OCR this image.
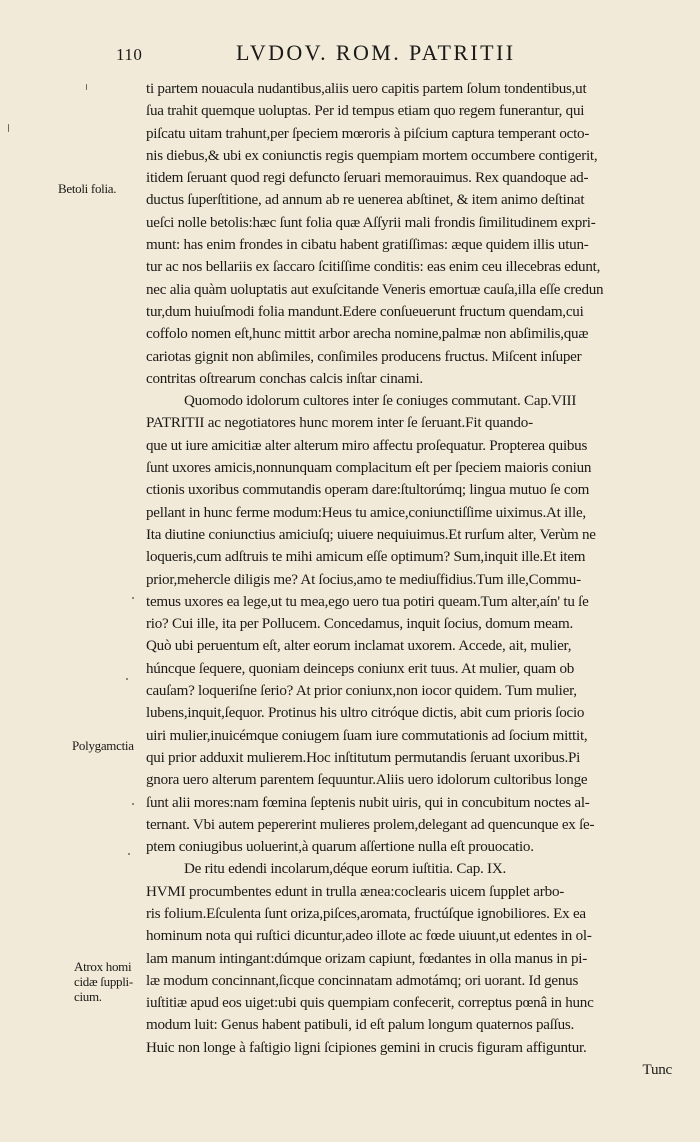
110	LVDOV. ROM. PATRITII
Betoli folia.
Polygamctia
Atrox homi
cidæ ſuppli-
cium.
ti partem nouacula nudantibus,aliis uero capitis partem ſolum tondentibus,ut
ſua trahit quemque uoluptas. Per id tempus etiam quo regem funerantur, qui
piſcatu uitam trahunt,per ſpeciem mœroris à piſcium captura temperant octo-
nis diebus,& ubi ex coniunctis regis quempiam mortem occumbere contigerit,
itidem ſeruant quod regi defuncto ſeruari memorauimus. Rex quandoque ad-
ductus ſuperſtitione, ad annum ab re uenerea abſtinet, & item animo deſtinat
ueſci nolle betolis:hæc ſunt folia quæ Aſſyrii mali frondis ſimilitudinem expri-
munt: has enim frondes in cibatu habent gratiſſimas: æque quidem illis utun-
tur ac nos bellariis ex ſaccaro ſcitiſſime conditis: eas enim ceu illecebras edunt,
nec alia quàm uoluptatis aut exuſcitande Veneris emortuæ cauſa,illa eſſe credun
tur,dum huiuſmodi folia mandunt.Edere conſueuerunt fructum quendam,cui
coffolo nomen eſt,hunc mittit arbor arecha nomine,palmæ non abſimilis,quæ
cariotas gignit non abſimiles, conſimiles producens fructus. Miſcent inſuper
contritas oſtrearum conchas calcis inſtar cinami.
Quomodo idolorum cultores inter ſe coniuges commutant. Cap.VIII
PATRITII ac negotiatores hunc morem inter ſe ſeruant.Fit quando-
que ut iure amicitiæ alter alterum miro affectu proſequatur. Propterea quibus
ſunt uxores amicis,nonnunquam complacitum eſt per ſpeciem maioris coniun
ctionis uxoribus commutandis operam dare:ſtultorúmq; lingua mutuo ſe com
pellant in hunc ferme modum:Heus tu amice,coniunctiſſime uiximus.At ille,
Ita diutine coniunctius amiciuſq; uiuere nequiuimus.Et rurſum alter, Verùm ne
loqueris,cum adſtruis te mihi amicum eſſe optimum? Sum,inquit ille.Et item
prior,mehercle diligis me? At ſocius,amo te mediuſfidius.Tum ille,Commu-
temus uxores ea lege,ut tu mea,ego uero tua potiri queam.Tum alter,aín' tu ſe
rio? Cui ille, ita per Pollucem. Concedamus, inquit ſocius, domum meam.
Quò ubi peruentum eſt, alter eorum inclamat uxorem. Accede, ait, mulier,
húncque ſequere, quoniam deinceps coniunx erit tuus. At mulier, quam ob
cauſam? loqueriſne ſerio? At prior coniunx,non iocor quidem. Tum mulier,
lubens,inquit,ſequor. Protinus his ultro citróque dictis, abit cum prioris ſocio
uiri mulier,inuicémque coniugem ſuam iure commutationis ad ſocium mittit,
qui prior adduxit mulierem.Hoc inſtitutum permutandis ſeruant uxoribus.Pi
gnora uero alterum parentem ſequuntur.Aliis uero idolorum cultoribus longe
ſunt alii mores:nam fœmina ſeptenis nubit uiris, qui in concubitum noctes al-
ternant. Vbi autem pepererint mulieres prolem,delegant ad quencunque ex ſe-
ptem coniugibus uoluerint,à quarum aſſertione nulla eſt prouocatio.
De ritu edendi incolarum,déque eorum iuſtitia. Cap. IX.
HVMI procumbentes edunt in trulla ænea:coclearis uicem ſupplet arbo-
ris folium.Eſculenta ſunt oriza,piſces,aromata, fructúſque ignobiliores. Ex ea
hominum nota qui ruſtici dicuntur,adeo illote ac fœde uiuunt,ut edentes in ol-
lam manum intingant:dúmque orizam capiunt, fœdantes in olla manus in pi-
læ modum concinnant,ſicque concinnatam admotámq; ori uorant. Id genus
iuſtitiæ apud eos uiget:ubi quis quempiam confecerit, correptus pœnâ in hunc
modum luit: Genus habent patibuli, id eſt palum longum quaternos paſſus.
Huic non longe à faſtigio ligni ſcipiones gemini in crucis figuram affiguntur.
Tunc
